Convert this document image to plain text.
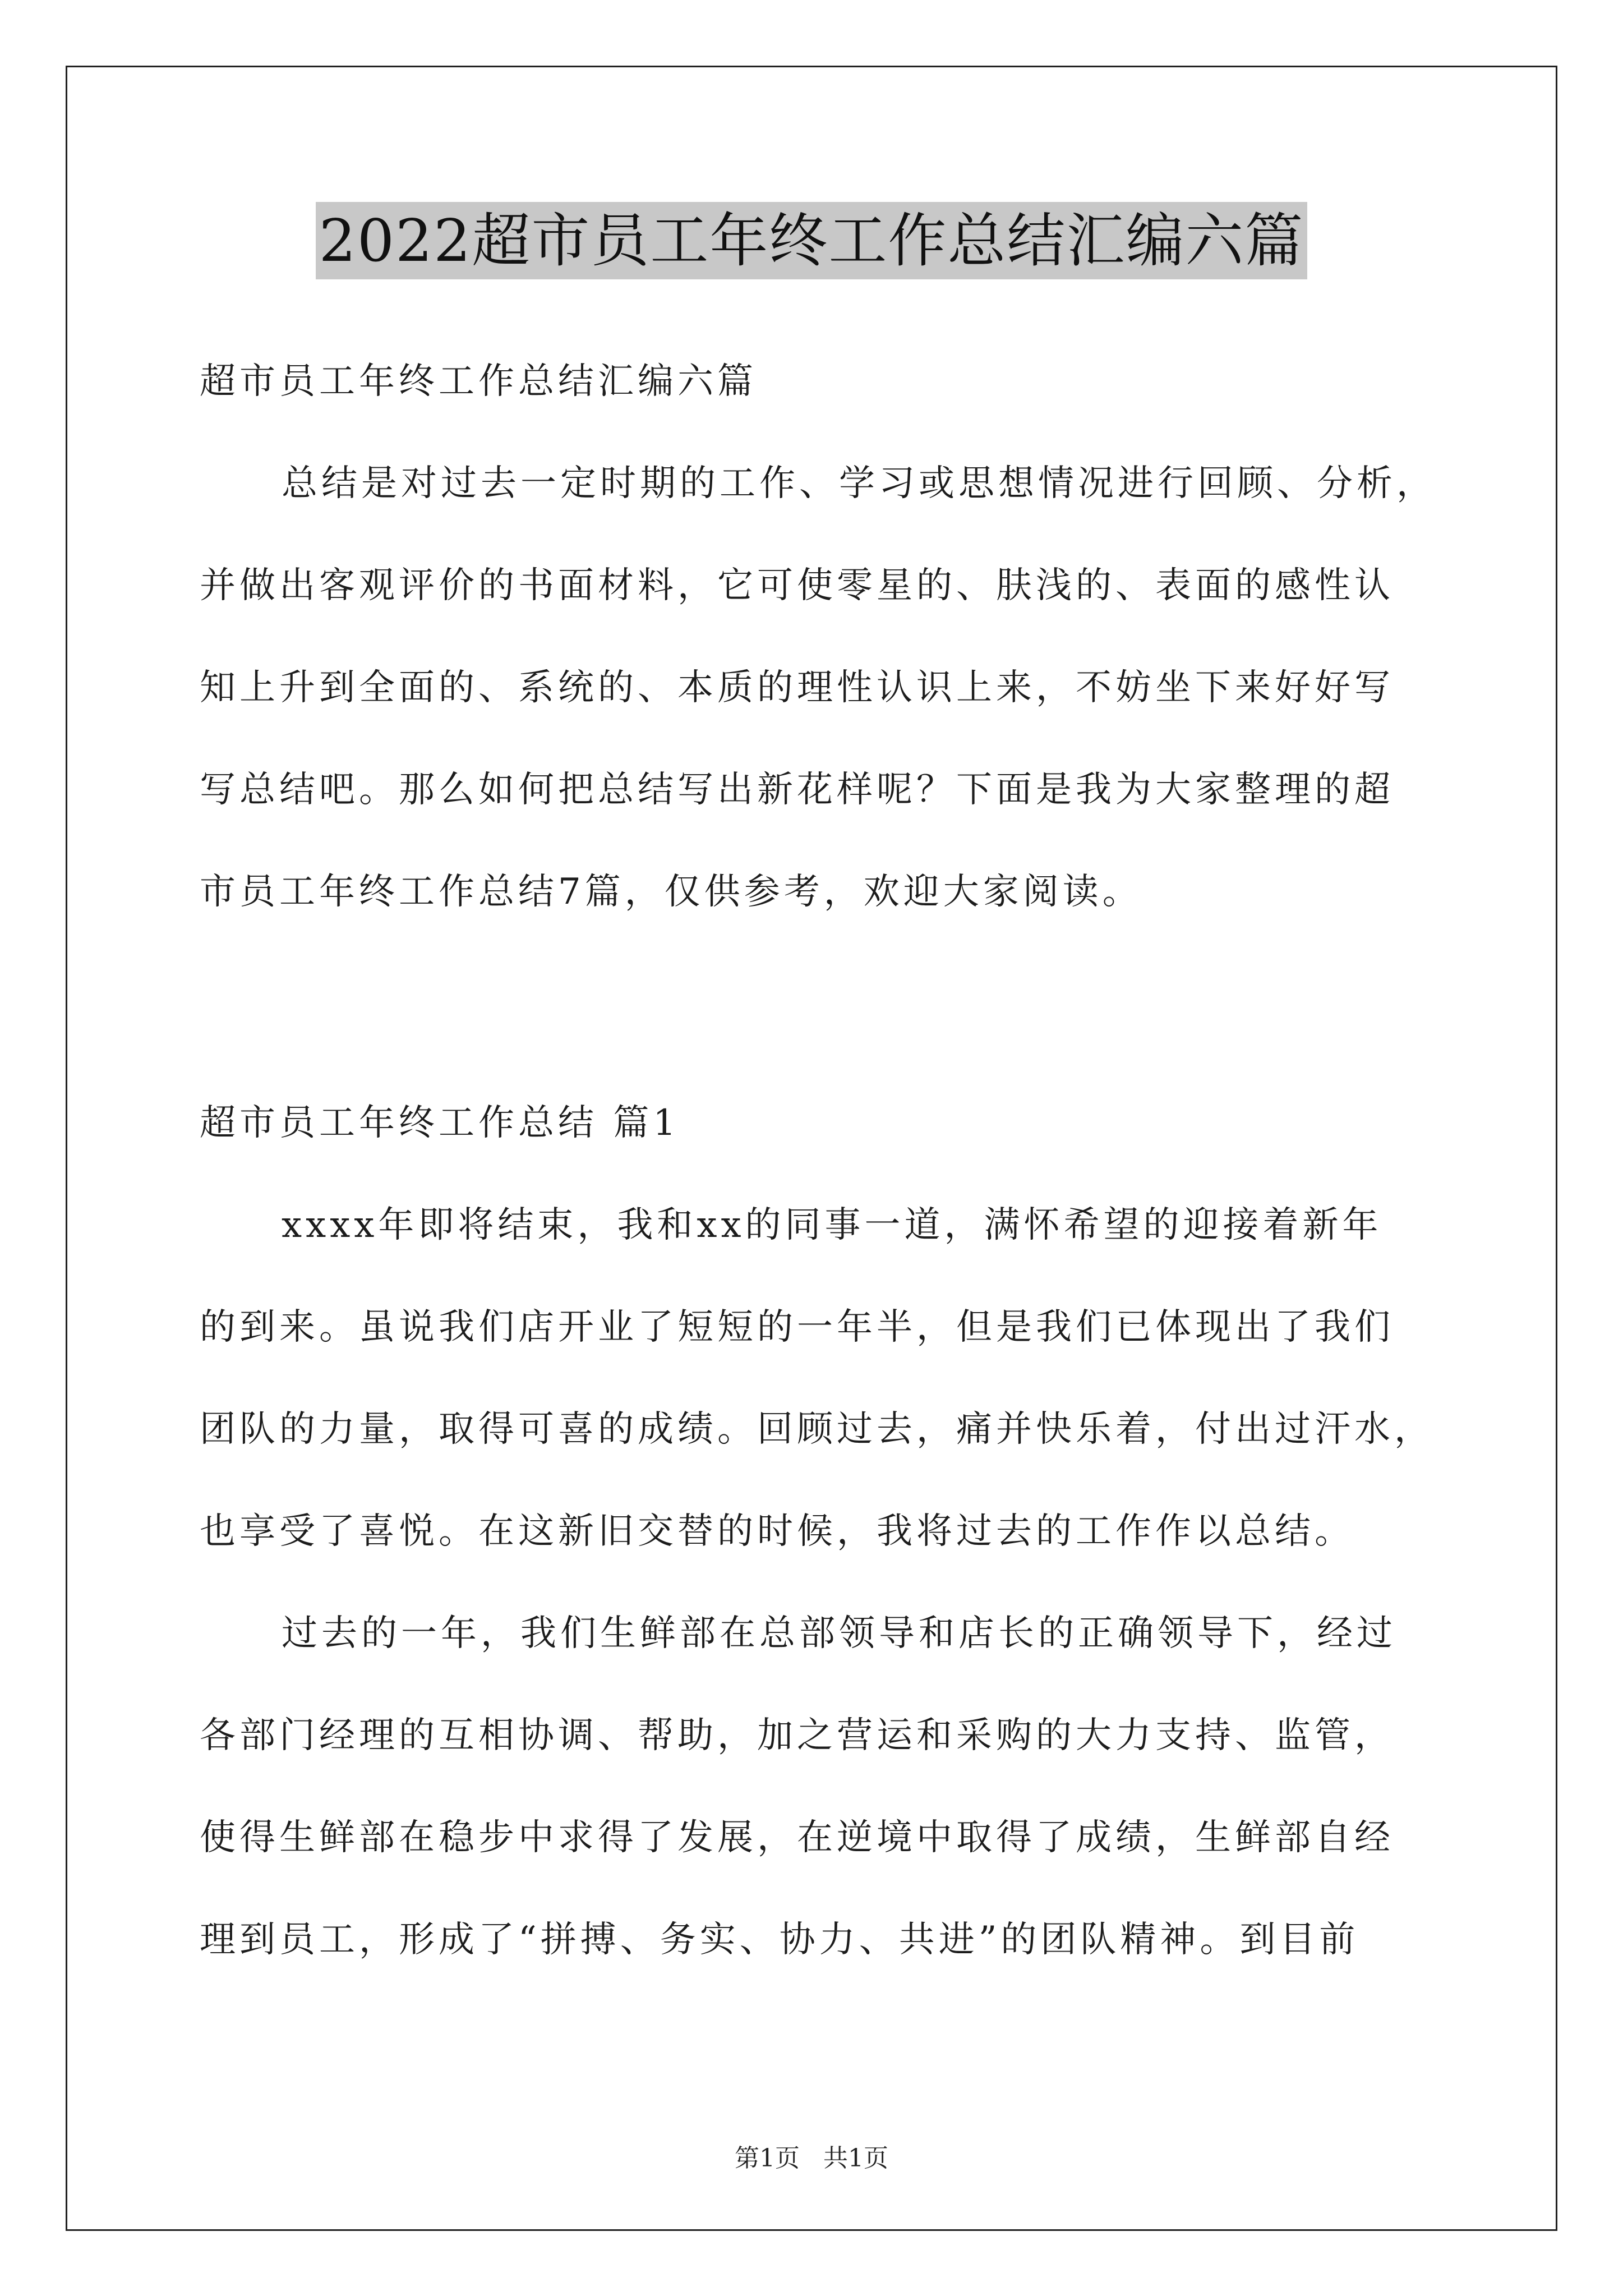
2022超市员工年终工作总结汇编六篇
超市员工年终工作总结汇编六篇
总结是对过去一定时期的工作、学习或思想情况进行回顾、分析，
并做出客观评价的书面材料，它可使零星的、肤浅的、表面的感性认
知上升到全面的、系统的、本质的理性认识上来，不妨坐下来好好写
写总结吧。那么如何把总结写出新花样呢？下面是我为大家整理的超
市员工年终工作总结7篇，仅供参考，欢迎大家阅读。
超市员工年终工作总结 篇1
xxxx年即将结束，我和xx的同事一道，满怀希望的迎接着新年
的到来。虽说我们店开业了短短的一年半，但是我们已体现出了我们
团队的力量，取得可喜的成绩。回顾过去，痛并快乐着，付出过汗水，
也享受了喜悦。在这新旧交替的时候，我将过去的工作作以总结。
过去的一年，我们生鲜部在总部领导和店长的正确领导下，经过
各部门经理的互相协调、帮助，加之营运和采购的大力支持、监管，
使得生鲜部在稳步中求得了发展，在逆境中取得了成绩，生鲜部自经
理到员工，形成了“拼搏、务实、协力、共进”的团队精神。到目前
第1页 共1页
